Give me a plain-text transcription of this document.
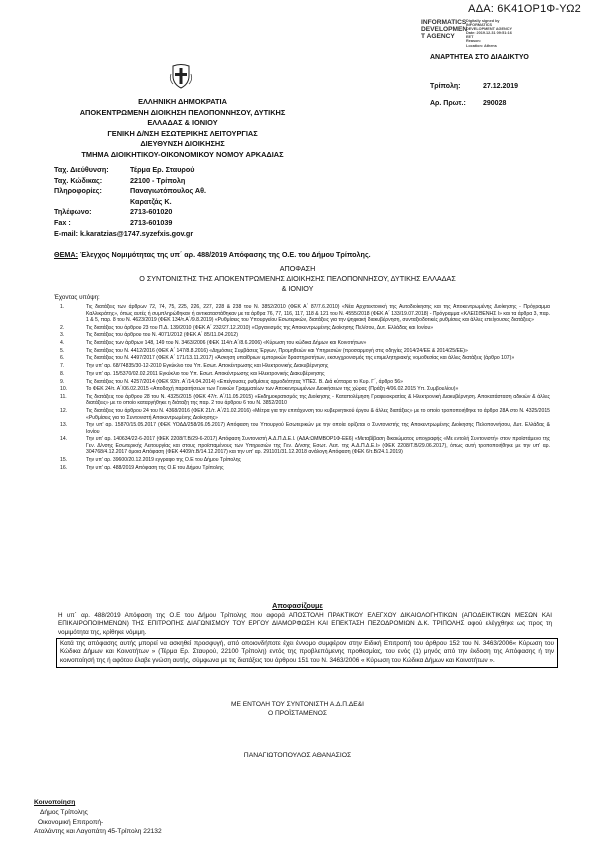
ΑΔΑ: 6Κ41ΟΡ1Φ-ΥΩ2
INFORMATICS
DEVELOPMEN
T AGENCY
Digitally signed by
INFORMATICS
DEVELOPMENT AGENCY
Date: 2019.12.31 09:51:16
EET
Reason:
Location: Athens
ΑΝΑΡΤΗΤΕΑ ΣΤΟ ΔΙΑΔΙΚΤΥΟ
Τρίπολη:	27.12.2019
Αρ. Πρωτ.: 290028
ΕΛΛΗΝΙΚΗ ΔΗΜΟΚΡΑΤΙΑ
ΑΠΟΚΕΝΤΡΩΜΕΝΗ ΔΙΟΙΚΗΣΗ ΠΕΛΟΠΟΝΝΗΣΟΥ, ΔΥΤΙΚΗΣ
ΕΛΛΑΔΑΣ & ΙΟΝΙΟΥ
ΓΕΝΙΚΗ Δ/ΝΣΗ ΕΣΩΤΕΡΙΚΗΣ ΛΕΙΤΟΥΡΓΙΑΣ
ΔΙΕΥΘΥΝΣΗ ΔΙΟΙΚΗΣΗΣ
ΤΜΗΜΑ ΔΙΟΙΚΗΤΙΚΟΥ-ΟΙΚΟΝΟΜΙΚΟΥ ΝΟΜΟΥ ΑΡΚΑΔΙΑΣ
Ταχ. Διεύθυνση:	Τέρμα Ερ. Σταυρού
Ταχ. Κώδικας:	22100 - Τρίπολη
Πληροφορίες:	Παναγιωτόπουλος Αθ.
Καρατζάς Κ.
Τηλέφωνο:	2713-601020
Fax :	2713-601039
E-mail: k.karatzias@1747.syzefxis.gov.gr
ΘΕΜΑ: Έλεγχος Νομιμότητας της υπ΄ αρ. 488/2019 Απόφασης της Ο.Ε. του Δήμου Τρίπολης.
ΑΠΟΦΑΣΗ
Ο ΣΥΝΤΟΝΙΣΤΗΣ ΤΗΣ ΑΠΟΚΕΝΤΡΩΜΕΝΗΣ ΔΙΟΙΚΗΣΗΣ ΠΕΛΟΠΟΝΝΗΣΟΥ, ΔΥΤΙΚΗΣ ΕΛΛΑΔΑΣ
& ΙΟΝΙΟΥ
Έχοντας υπόψη:
1.	Τις διατάξεις των άρθρων 72, 74, 75, 225, 226, 227, 228 & 238 του Ν. 3852/2010 (ΦΕΚ Α΄ 87/7.6.2010) «Νέα Αρχιτεκτονική της Αυτοδιοίκησης και της Αποκεντρωμένης Διοίκησης - Πρόγραμμα Καλλικράτης», όπως αυτές ή συμπληρώθηκαν ή αντικαταστάθηκαν με τα άρθρα 76, 77, 116, 117, 118 & 121 του Ν. 4555/2018 (ΦΕΚ Α΄ 133/19.07.2018) - Πρόγραμμα «ΚΛΕΙΣΘΕΝΗΣ Ι» και τα άρθρα 3, παρ. 1 & 5, παρ. 8 του Ν. 4623/2019 (ΦΕΚ 134/τ.Α΄/9.8.2019) «Ρυθμίσεις του Υπουργείου Εσωτερικών, διατάξεις για την ψηφιακή διακυβέρνηση, συνταξιοδοτικές ρυθμίσεις και άλλες επείγουσες διατάξεις»
2.	Τις διατάξεις του άρθρου 23 του Π.Δ. 139/2010 (ΦΕΚ Α΄ 232/27.12.2010) «Οργανισμός της Αποκεντρωμένης Διοίκησης Πελ/σου, Δυτ. Ελλάδας και Ιονίου»
3.	Τις διατάξεις του άρθρου του Ν. 4071/2012 (ΦΕΚ Α΄ 85/11.04.2012)
4.	Τις διατάξεις των άρθρων 148, 149 του Ν. 3463/2006 (ΦΕΚ 114/τ.Α΄/8.6.2006) «Κύρωση του κώδικα Δήμων και Κοινοτήτων»
5.	Τις διατάξεις του Ν. 4412/2016 (ΦΕΚ Α΄ 147/8.8.2016) «Δημόσιες Συμβάσεις Έργων, Προμηθειών και Υπηρεσιών (προσαρμογή στις οδηγίες 2014/24/ΕΕ & 2014/25/ΕΕ)»
6.	Τις διατάξεις του Ν. 4497/2017 (ΦΕΚ Α΄ 171/13.11.2017) «Άσκηση υπαίθριων εμπορικών δραστηριοτήτων, εκσυγχρονισμός της επιμελητηριακής νομοθεσίας και άλλες διατάξεις (άρθρο 107)»
7.	Την υπ' αρ. 68/74835/30-12-2010 Εγκύκλιο του Υπ. Εσωτ. Αποκέντρωσης και Ηλεκτρονικής Διακυβέρνησης
8.	Την υπ' αρ. 15/5370/02.02.2011 Εγκύκλιο του Υπ. Εσωτ. Αποκέντρωσης και Ηλεκτρονικής Διακυβέρνησης
9.	Τις διατάξεις του Ν. 4257/2014 (ΦΕΚ 93/τ. Α΄/14.04.2014) «Επείγουσες ρυθμίσεις αρμοδιότητας ΥΠΕΣ. Β. Διά κύτταρα το Κυρ. Γ΄, άρθρο 56»
10.	Το ΦΕΚ 24/τ. Α΄/06.02.2015 «Αποδοχή παραιτήσεων των Γενικών Γραμματέων των Αποκεντρωμένων Διοικήσεων της χώρας (Πράξη 4/06.02.2015 Υπ. Συμβουλίου)»
11.	Τις διατάξεις του άρθρου 28 του Ν. 4325/2015 (ΦΕΚ 47/τ. Α΄/11.05.2015) «Εκδημοκρατισμός της Διοίκησης - Καταπολέμηση Γραφειοκρατίας & Ηλεκτρονική Διακυβέρνηση. Αποκατάσταση αδικιών & άλλες διατάξεις» με το οποίο καταργήθηκε η διάταξη της παρ. 2 του άρθρου 6 του Ν. 3852/2010
12.	Τις διατάξεις του άρθρου 24 του Ν. 4368/2016 (ΦΕΚ 21/τ. Α΄/21.02.2016) «Μέτρα για την επιτάχυνση του κυβερνητικού έργου & άλλες διατάξεις» με το οποίο τροποποιήθηκε το άρθρο 28Α στο Ν. 4325/2015 «Ρυθμίσεις για το Συντονιστή Αποκεντρωμένης Διοίκησης»
13.	Την υπ' αρ. 15870/15.05.2017 (ΦΕΚ ΥΟΔΔ/258/26.05.2017) Απόφαση του Υπουργού Εσωτερικών με την οποία ορίζεται ο Συντονιστής της Αποκεντρωμένης Διοίκησης Πελοποννήσου, Δυτ. Ελλάδας & Ιονίου
14.	Την υπ' αρ. 140634/22-6-2017 (ΦΕΚ 2208/Τ.Β/29-6-2017) Απόφαση Συντονιστή Α.Δ.Π.Δ.Ε.Ι. (ΑΔΑ:ΩΜΜΒΟΡ1Φ-ΕΕ6) «Μεταβίβαση δικαιώματος υπογραφής «Με εντολή Συντονιστή» στον προϊστάμενο της Γεν. Δ/νσης Εσωτερικής Λειτουργίας και στους προϊσταμένους των Υπηρεσιών της Γεν. Δ/νσης Εσωτ. Λειτ. της Α.Δ.Π.Δ.Ε.Ι» (ΦΕΚ 2208/Τ.Β/29.06.2017), όπως αυτή τροποποιήθηκε με την υπ' αρ. 304768/4.12.2017 όμοια Απόφαση (ΦΕΚ 4409/τ.Β/14.12.2017) και την υπ' αρ. 291101/31.12.2018 ανάλογη Απόφαση (ΦΕΚ 6/τ.Β/24.1.2019)
15.	Την υπ' αρ. 39600/20.12.2019 εγγραφο της Ο.Ε του Δήμου Τρίπολης
16.	Την υπ' αρ. 488/2019 Απόφαση της Ο.Ε του Δήμου Τρίπολης
Αποφασίζουμε
Η υπ΄ αρ. 488/2019 Απόφαση της Ο.Ε του Δήμου Τρίπολης που αφορά ΑΠΟΣΤΟΛΗ ΠΡΑΚΤΙΚΟΥ ΕΛΕΓΧΟΥ ΔΙΚΑΙΟΛΟΓΗΤΙΚΩΝ (ΑΠΟΔΕΙΚΤΙΚΩΝ ΜΕΣΩΝ ΚΑΙ ΕΠΙΚΑΙΡΟΠΟΙΗΜΕΝΩΝ) ΤΗΣ ΕΠΙΤΡΟΠΗΣ ΔΙΑΓΩΝΙΣΜΟΥ ΤΟΥ ΕΡΓΟΥ ΔΙΑΜΟΡΦΩΣΗ ΚΑΙ ΕΠΕΚΤΑΣΗ ΠΕΖΟΔΡΟΜΙΩΝ Δ.Κ. ΤΡΙΠΟΛΗΣ αφού ελέγχθηκε ως προς τη νομιμότητα της, κρίθηκε νόμιμη.
Κατά της απόφασης αυτής μπορεί να ασκηθεί προσφυγή, από οποιονδήποτε έχει έννομο συμφέρον στην Ειδική Επιτροπή του άρθρου 152 του Ν. 3463/2006« Κύρωση του Κώδικα Δήμων και Κοινοτήτων » (Τέρμα Ερ. Σταυρού, 22100 Τρίπολη) εντός της προβλεπόμενης προθεσμίας, του ενός (1) μηνός από την έκδοση της Απόφασης ή την κοινοποίησή της ή αφότου έλαβε γνώση αυτής, σύμφωνα με τις διατάξεις του άρθρου 151 του Ν. 3463/2006 « Κύρωση του Κώδικα Δήμων και Κοινοτήτων ».
ΜΕ ΕΝΤΟΛΗ ΤΟΥ ΣΥΝΤΟΝΙΣΤΗ Α.Δ.Π.ΔΕ&Ι
Ο ΠΡΟΪΣΤΑΜΕΝΟΣ
ΠΑΝΑΓΙΩΤΟΠΟΥΛΟΣ ΑΘΑΝΑΣΙΟΣ
Κοινοποίηση
Δήμος Τρίπολης
Οικονομική Επιτροπή-
Αταλάντης και Λαγοπάτη 45-Τρίπολη 22132
